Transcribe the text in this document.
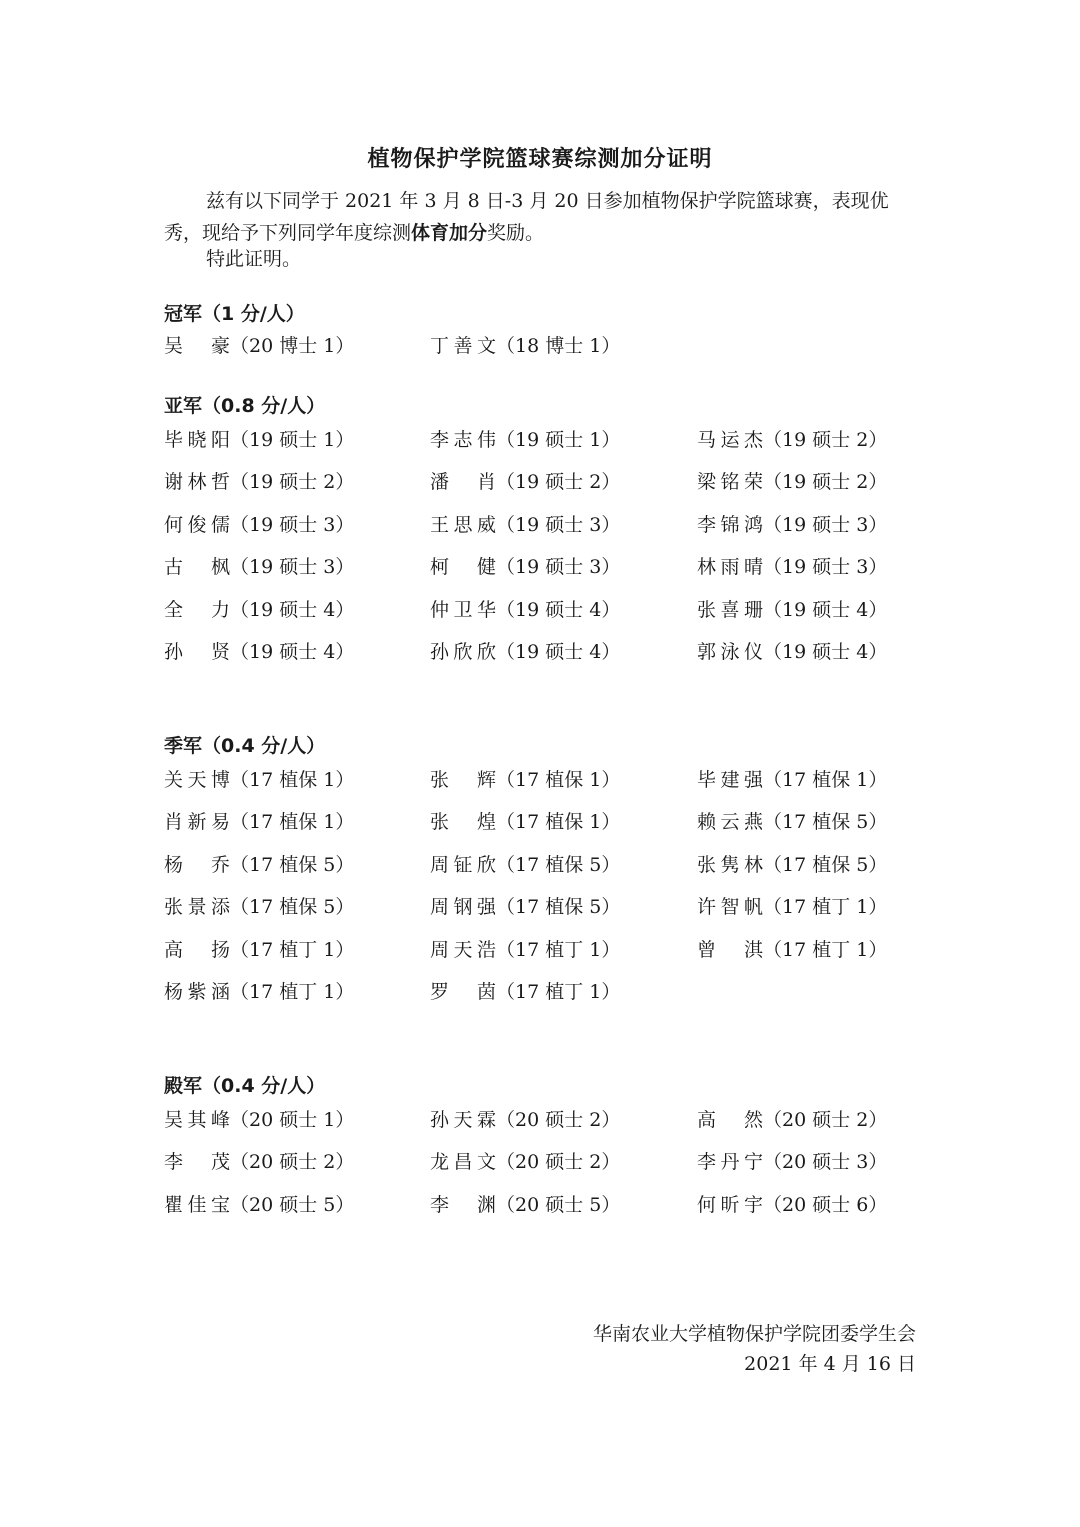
植物保护学院篮球赛综测加分证明
兹有以下同学于 2021 年 3 月 8 日-3 月 20 日参加植物保护学院篮球赛，表现优秀，现给予下列同学年度综测体育加分奖励。
特此证明。
冠军（1 分/人）
吴 豪 （20 博士 1）	丁善文（18 博士 1）
亚军（0.8 分/人）
毕晓阳（19 硕士 1）	李志伟（19 硕士 1）	马运杰（19 硕士 2）
谢林哲（19 硕士 2）	潘 肖 （19 硕士 2）	梁铭荣（19 硕士 2）
何俊儒（19 硕士 3）	王思威（19 硕士 3）	李锦鸿（19 硕士 3）
古 枫 （19 硕士 3）	柯 健 （19 硕士 3）	林雨晴（19 硕士 3）
全 力 （19 硕士 4）	仲卫华（19 硕士 4）	张喜珊（19 硕士 4）
孙 贤 （19 硕士 4）	孙欣欣（19 硕士 4）	郭泳仪（19 硕士 4）
季军（0.4 分/人）
关天博（17 植保 1）	张 辉 （17 植保 1）	毕建强（17 植保 1）
肖新易（17 植保 1）	张 煌 （17 植保 1）	赖云燕（17 植保 5）
杨 乔 （17 植保 5）	周钲欣（17 植保 5）	张隽林（17 植保 5）
张景添（17 植保 5）	周钢强（17 植保 5）	许智帆（17 植丁 1）
高 扬 （17 植丁 1）	周天浩（17 植丁 1）	曾 淇 （17 植丁 1）
杨紫涵（17 植丁 1）	罗 茵 （17 植丁 1）
殿军（0.4 分/人）
吴其峰（20 硕士 1）	孙天霖（20 硕士 2）	高 然 （20 硕士 2）
李 茂 （20 硕士 2）	龙昌文（20 硕士 2）	李丹宁（20 硕士 3）
瞿佳宝（20 硕士 5）	李 渊 （20 硕士 5）	何昕宇（20 硕士 6）
华南农业大学植物保护学院团委学生会
2021 年 4 月 16 日
